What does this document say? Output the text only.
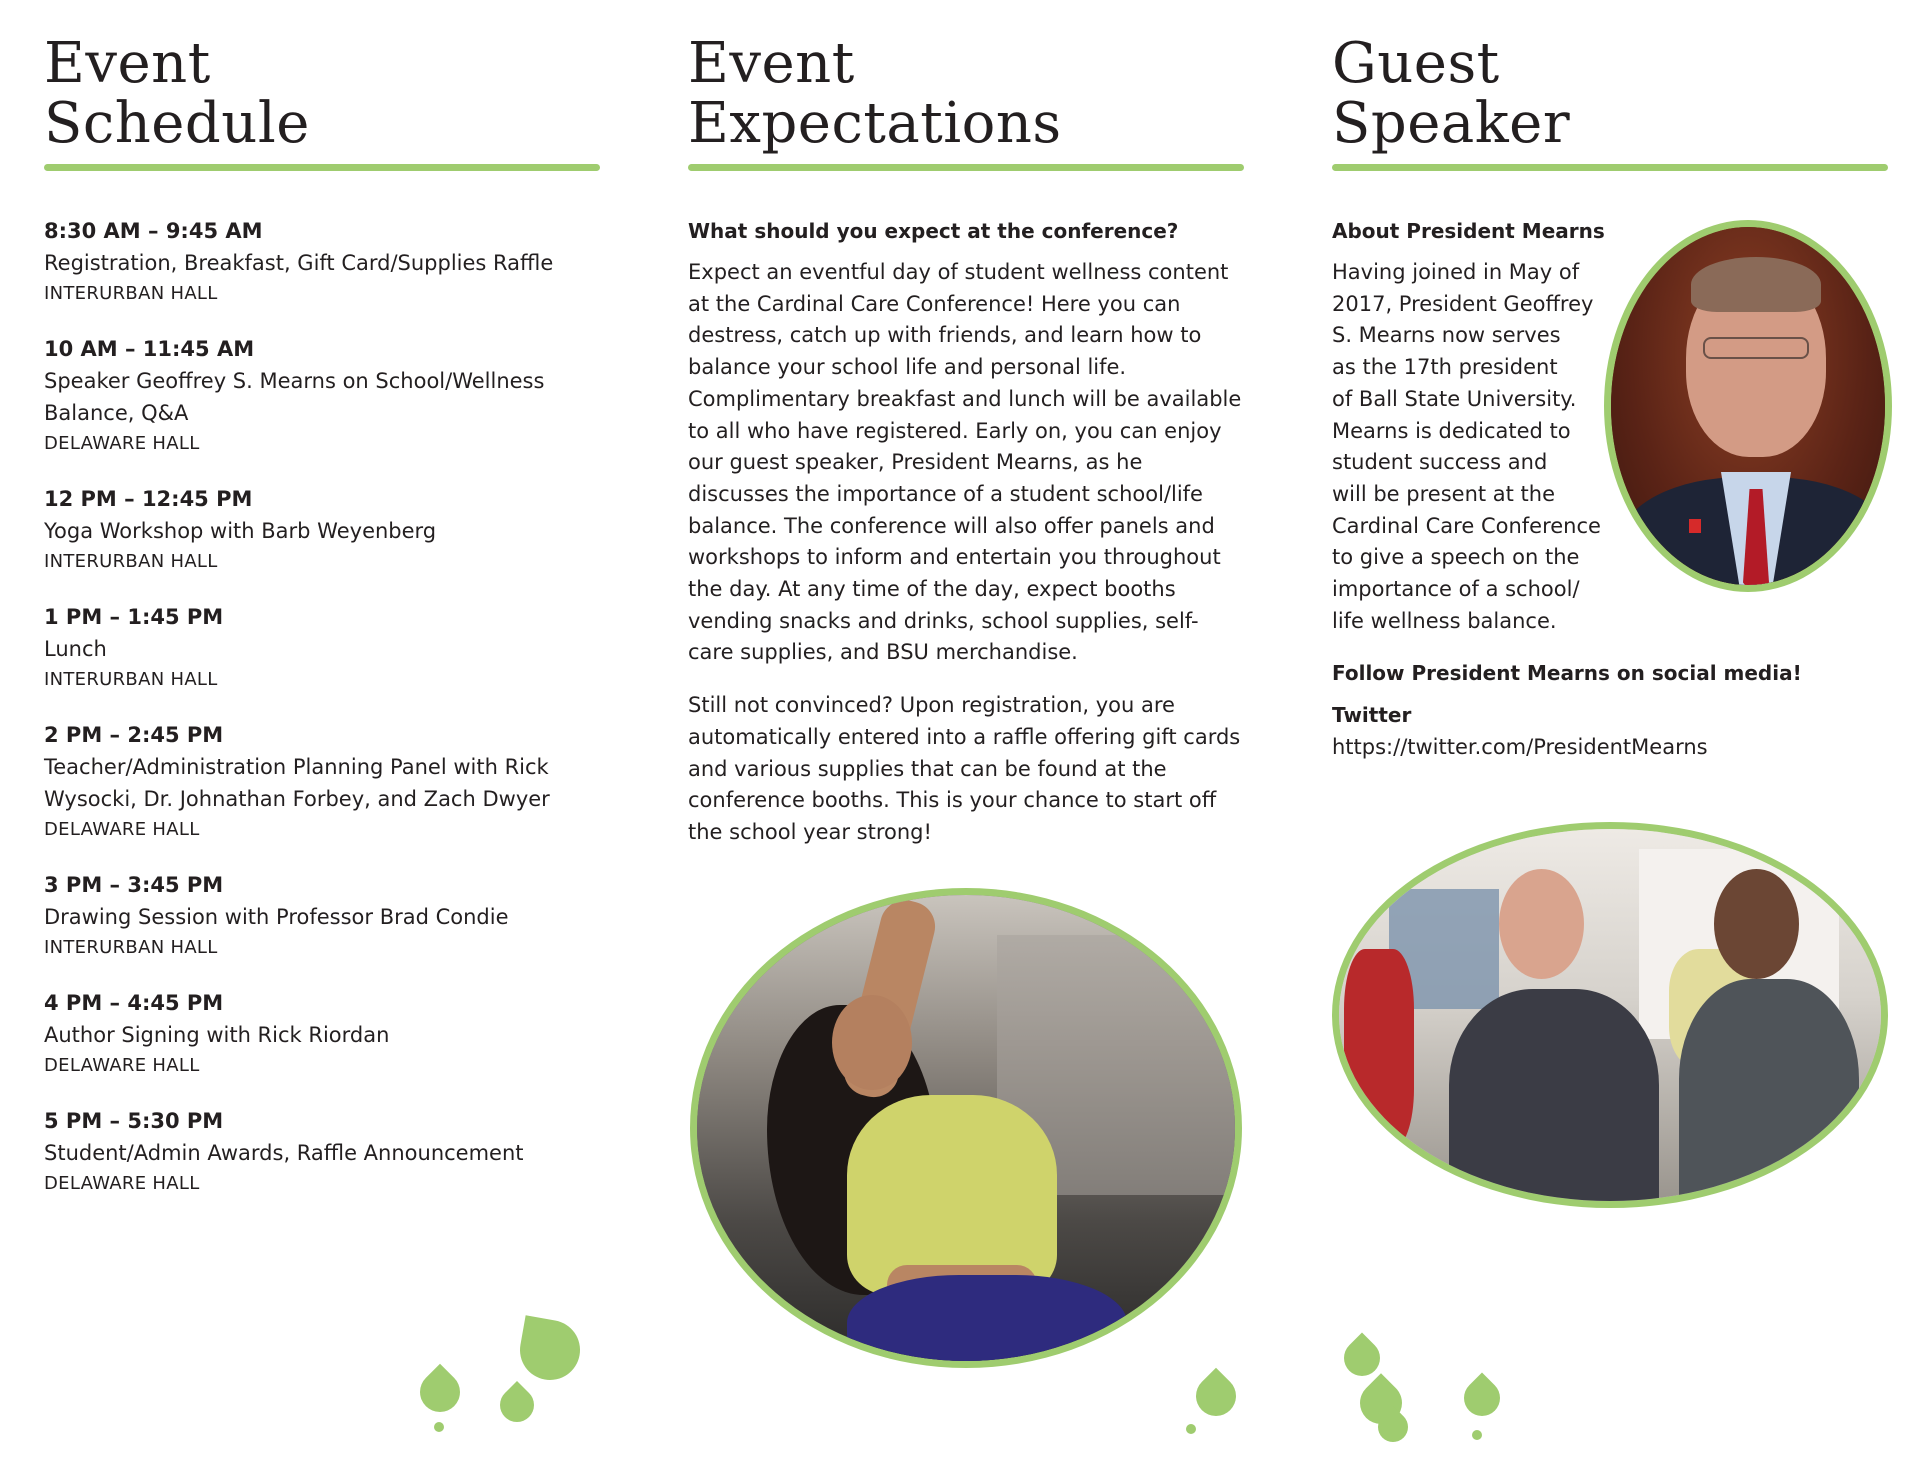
Event
Schedule
8:30 AM – 9:45 AM
Registration, Breakfast, Gift Card/Supplies Raffle
INTERURBAN HALL
10 AM – 11:45 AM
Speaker Geoffrey S. Mearns on School/Wellness Balance, Q&A
DELAWARE HALL
12 PM – 12:45 PM
Yoga Workshop with Barb Weyenberg
INTERURBAN HALL
1 PM – 1:45 PM
Lunch
INTERURBAN HALL
2 PM – 2:45 PM
Teacher/Administration Planning Panel with Rick Wysocki, Dr. Johnathan Forbey, and Zach Dwyer
DELAWARE HALL
3 PM – 3:45 PM
Drawing Session with Professor Brad Condie
INTERURBAN HALL
4 PM – 4:45 PM
Author Signing with Rick Riordan
DELAWARE HALL
5 PM – 5:30 PM
Student/Admin Awards, Raffle Announcement
DELAWARE HALL
Event
Expectations
What should you expect at the conference?

Expect an eventful day of student wellness content at the Cardinal Care Conference! Here you can destress, catch up with friends, and learn how to balance your school life and personal life. Complimentary breakfast and lunch will be available to all who have registered. Early on, you can enjoy our guest speaker, President Mearns, as he discusses the importance of a student school/life balance. The conference will also offer panels and workshops to inform and entertain you throughout the day. At any time of the day, expect booths vending snacks and drinks, school supplies, self-care supplies, and BSU merchandise.

Still not convinced? Upon registration, you are automatically entered into a raffle offering gift cards and various supplies that can be found at the conference booths. This is your chance to start off the school year strong!

Guest
Speaker
About President Mearns
Having joined in May of
2017, President Geoffrey
S. Mearns now serves
as the 17th president
of Ball State University.
Mearns is dedicated to
student success and
will be present at the
Cardinal Care Conference
to give a speech on the
importance of a school/
life wellness balance.
Follow President Mearns on social media!
Twitter
https://twitter.com/PresidentMearns
